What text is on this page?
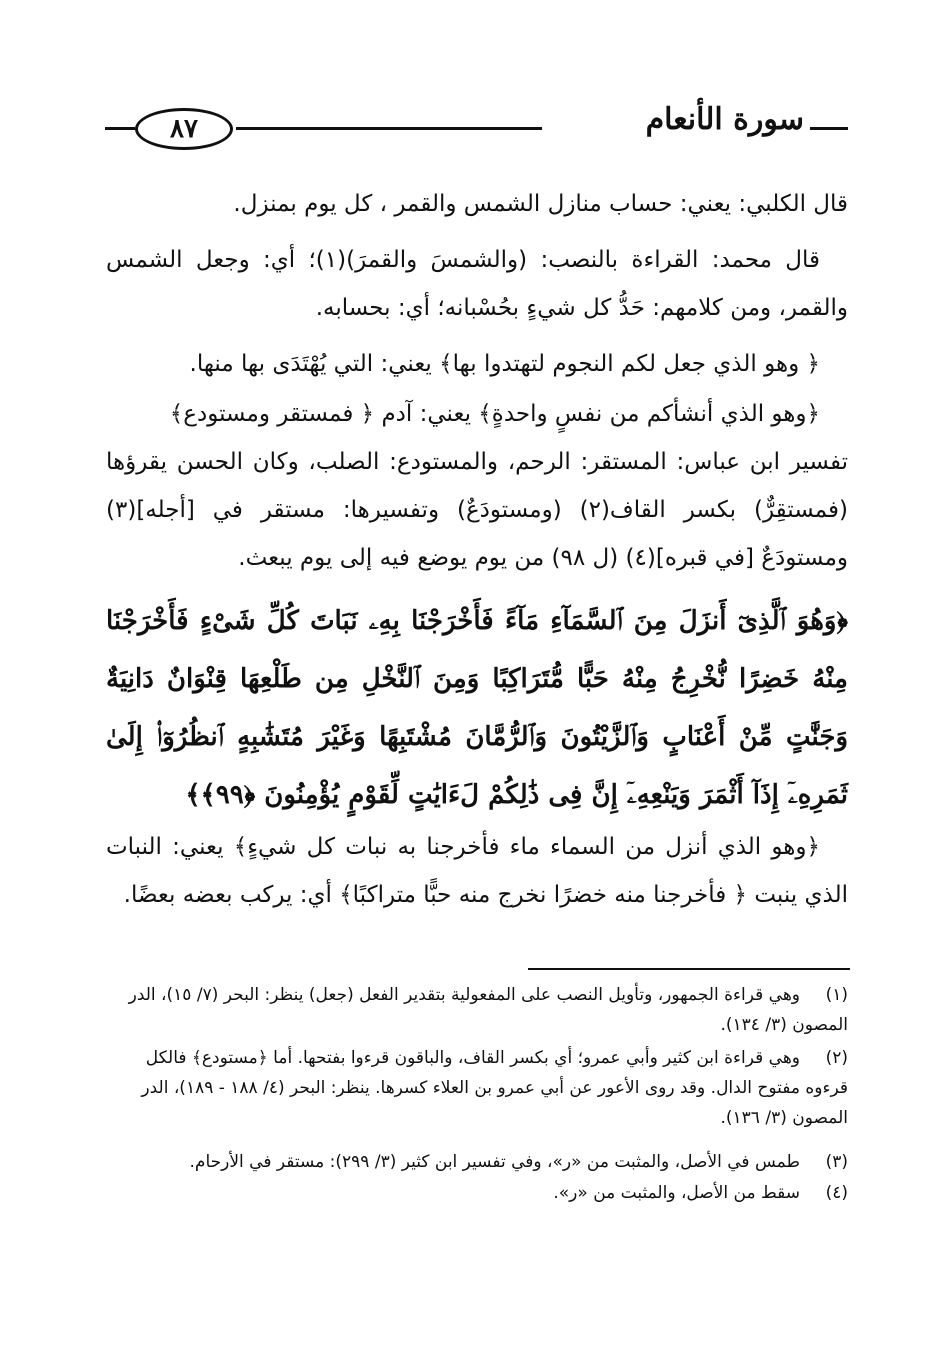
سورة الأنعام
٨٧
قال الكلبي: يعني: حساب منازل الشمس والقمر ، كل يوم بمنزل.
قال محمد: القراءة بالنصب: (والشمسَ والقمرَ)(١)؛ أي: وجعل الشمس والقمر، ومن كلامهم: حَدُّ كل شيءٍ بحُسْبانه؛ أي: بحسابه.
﴿ وهو الذي جعل لكم النجوم لتهتدوا بها﴾ يعني: التي يُهْتَدَى بها منها.
﴿وهو الذي أنشأكم من نفسٍ واحدةٍ﴾ يعني: آدم ﴿ فمستقر ومستودع﴾
تفسير ابن عباس: المستقر: الرحم، والمستودع: الصلب، وكان الحسن يقرؤها (فمستقِرٌّ) بكسر القاف(٢) (ومستودَعٌ) وتفسيرها: مستقر في [أجله](٣) ومستودَعٌ [في قبره](٤) (ل ٩٨) من يوم يوضع فيه إلى يوم يبعث.
﴿وَهُوَ ٱلَّذِىٓ أَنزَلَ مِنَ ٱلسَّمَآءِ مَآءً فَأَخْرَجْنَا بِهِۦ نَبَاتَ كُلِّ شَىْءٍ فَأَخْرَجْنَا مِنْهُ خَضِرًا نُّخْرِجُ مِنْهُ حَبًّا مُّتَرَاكِبًا وَمِنَ ٱلنَّخْلِ مِن طَلْعِهَا قِنْوَانٌ دَانِيَةٌ وَجَنَّٰتٍ مِّنْ أَعْنَابٍ وَٱلزَّيْتُونَ وَٱلرُّمَّانَ مُشْتَبِهًا وَغَيْرَ مُتَشَٰبِهٍ ٱنظُرُوٓا۟ إِلَىٰ ثَمَرِهِۦٓ إِذَآ أَثْمَرَ وَيَنْعِهِۦٓ إِنَّ فِى ذَٰلِكُمْ لَءَايَٰتٍ لِّقَوْمٍ يُؤْمِنُونَ ﴿٩٩﴾﴾
﴿وهو الذي أنزل من السماء ماء فأخرجنا به نبات كل شيءٍ﴾ يعني: النبات الذي ينبت ﴿ فأخرجنا منه خضرًا نخرج منه حبًّا متراكبًا﴾ أي: يركب بعضه بعضًا.
(١)وهي قراءة الجمهور، وتأويل النصب على المفعولية بتقدير الفعل (جعل) ينظر: البحر (٧/ ١٥)، الدر المصون (٣/ ١٣٤).
(٢)وهي قراءة ابن كثير وأبي عمرو؛ أي بكسر القاف، والباقون قرءوا بفتحها. أما ﴿مستودع﴾ فالكل قرءوه مفتوح الدال. وقد روى الأعور عن أبي عمرو بن العلاء كسرها. ينظر: البحر (٤/ ١٨٨ - ١٨٩)، الدر المصون (٣/ ١٣٦).
(٣)طمس في الأصل، والمثبت من «ر»، وفي تفسير ابن كثير (٣/ ٢٩٩): مستقر في الأرحام.
(٤)سقط من الأصل، والمثبت من «ر».
